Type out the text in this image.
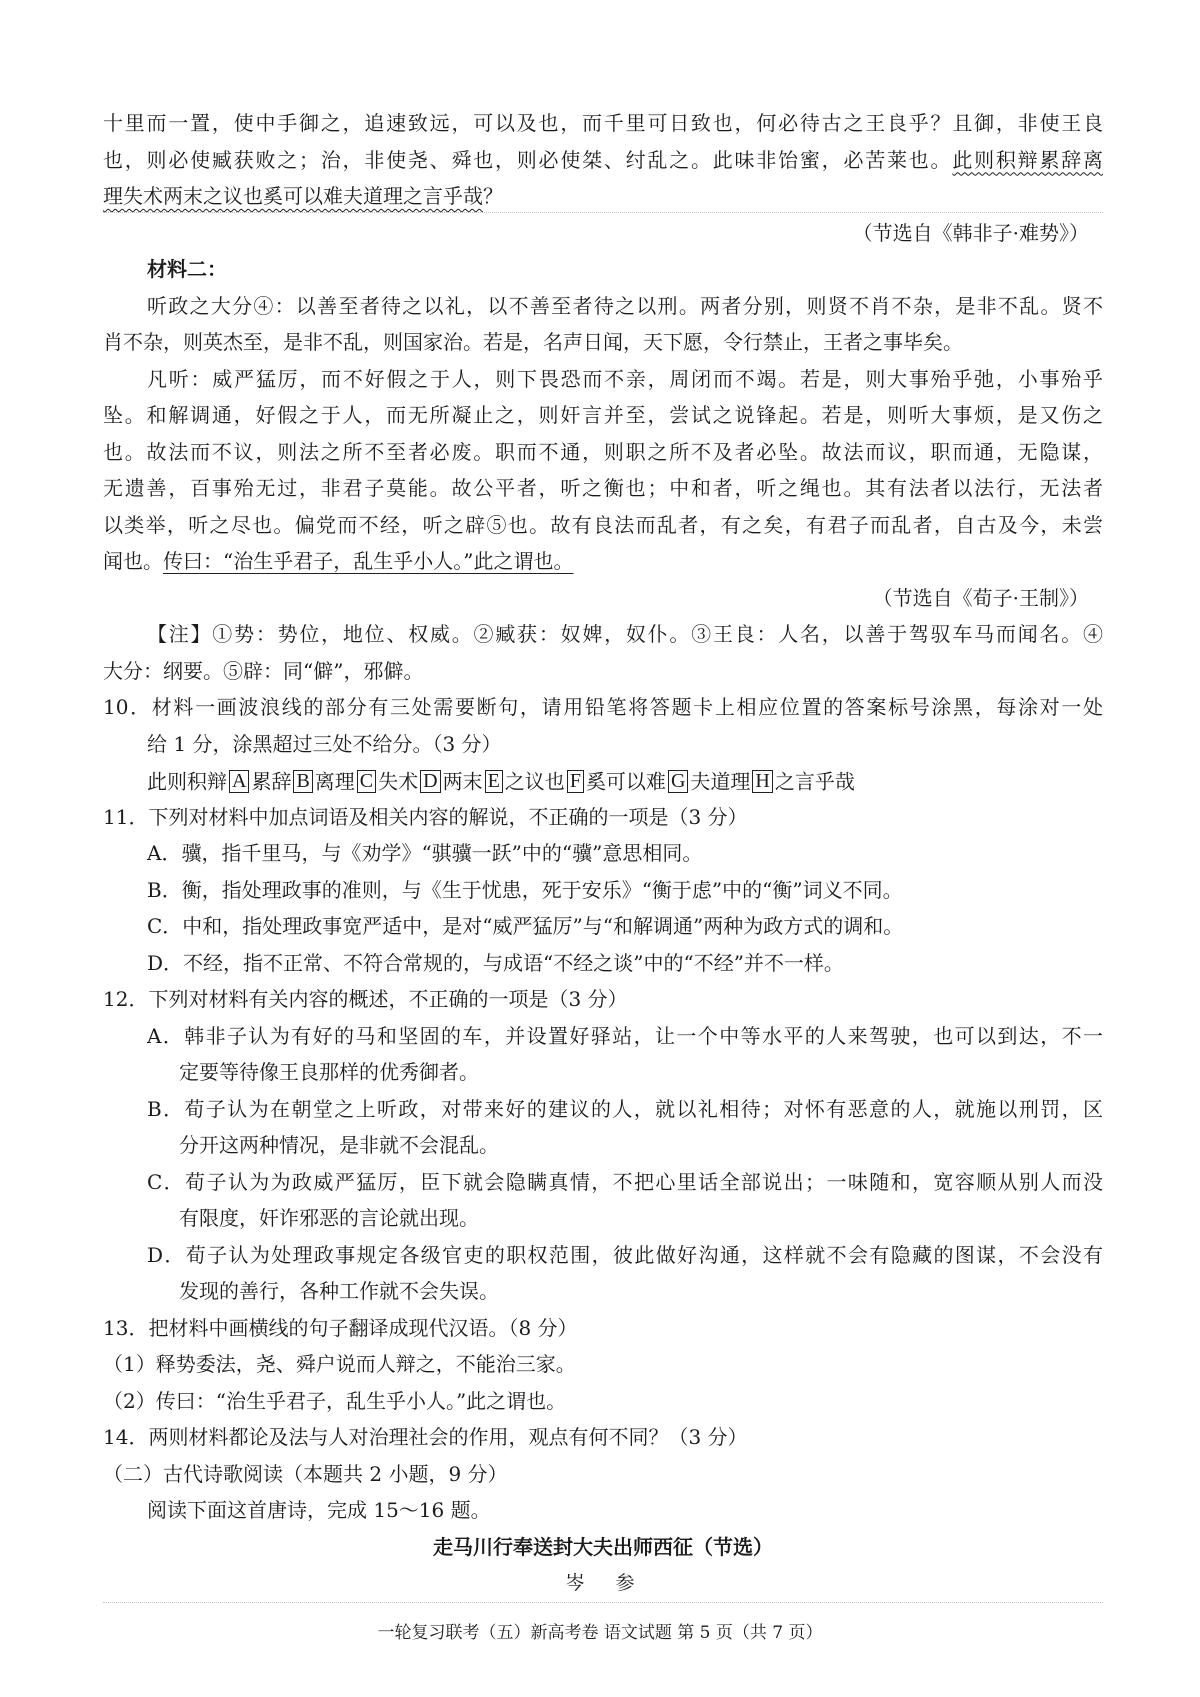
十里而一置，使中手御之，追速致远，可以及也，而千里可日致也，何必待古之王良乎？且御，非使王良
也，则必使臧获败之；治，非使尧、舜也，则必使桀、纣乱之。此味非饴蜜，必苦莱也。此则积辩累辞离
理失术两末之议也奚可以难夫道理之言乎哉？
（节选自《韩非子·难势》）
材料二：
听政之大分④：以善至者待之以礼，以不善至者待之以刑。两者分别，则贤不肖不杂，是非不乱。贤不
肖不杂，则英杰至，是非不乱，则国家治。若是，名声日闻，天下愿，令行禁止，王者之事毕矣。
凡听：威严猛厉，而不好假之于人，则下畏恐而不亲，周闭而不竭。若是，则大事殆乎弛，小事殆乎
坠。和解调通，好假之于人，而无所凝止之，则奸言并至，尝试之说锋起。若是，则听大事烦，是又伤之
也。故法而不议，则法之所不至者必废。职而不通，则职之所不及者必坠。故法而议，职而通，无隐谋，
无遗善，百事殆无过，非君子莫能。故公平者，听之衡也；中和者，听之绳也。其有法者以法行，无法者
以类举，听之尽也。偏党而不经，听之辟⑤也。故有良法而乱者，有之矣，有君子而乱者，自古及今，未尝
闻也。传曰：“治生乎君子，乱生乎小人。”此之谓也。
（节选自《荀子·王制》）
【注】①势：势位，地位、权威。②臧获：奴婢，奴仆。③王良：人名，以善于驾驭车马而闻名。④
大分：纲要。⑤辟：同“僻”，邪僻。
10．材料一画波浪线的部分有三处需要断句，请用铅笔将答题卡上相应位置的答案标号涂黑，每涂对一处
给 1 分，涂黑超过三处不给分。（3 分）
此则积辩 A 累辞 B 离理 C 失术 D 两末 E 之议也 F 奚可以难 G 夫道理 H 之言乎哉
11．下列对材料中加点词语及相关内容的解说，不正确的一项是（3 分）
A．骥，指千里马，与《劝学》“骐骥一跃”中的“骥”意思相同。
B．衡，指处理政事的准则，与《生于忧患，死于安乐》“衡于虑”中的“衡”词义不同。
C．中和，指处理政事宽严适中，是对“威严猛厉”与“和解调通”两种为政方式的调和。
D．不经，指不正常、不符合常规的，与成语“不经之谈”中的“不经”并不一样。
12．下列对材料有关内容的概述，不正确的一项是（3 分）
A．韩非子认为有好的马和坚固的车，并设置好驿站，让一个中等水平的人来驾驶，也可以到达，不一
定要等待像王良那样的优秀御者。
B．荀子认为在朝堂之上听政，对带来好的建议的人，就以礼相待；对怀有恶意的人，就施以刑罚，区
分开这两种情况，是非就不会混乱。
C．荀子认为为政威严猛厉，臣下就会隐瞒真情，不把心里话全部说出；一味随和，宽容顺从别人而没
有限度，奸诈邪恶的言论就出现。
D．荀子认为处理政事规定各级官吏的职权范围，彼此做好沟通，这样就不会有隐藏的图谋，不会没有
发现的善行，各种工作就不会失误。
13．把材料中画横线的句子翻译成现代汉语。（8 分）
（1）释势委法，尧、舜户说而人辩之，不能治三家。
（2）传曰：“治生乎君子，乱生乎小人。”此之谓也。
14．两则材料都论及法与人对治理社会的作用，观点有何不同？（3 分）
（二）古代诗歌阅读（本题共 2 小题，9 分）
阅读下面这首唐诗，完成 15～16 题。
走马川行奉送封大夫出师西征（节选）
岑　参
一轮复习联考（五）新高考卷 语文试题 第 5 页（共 7 页）
